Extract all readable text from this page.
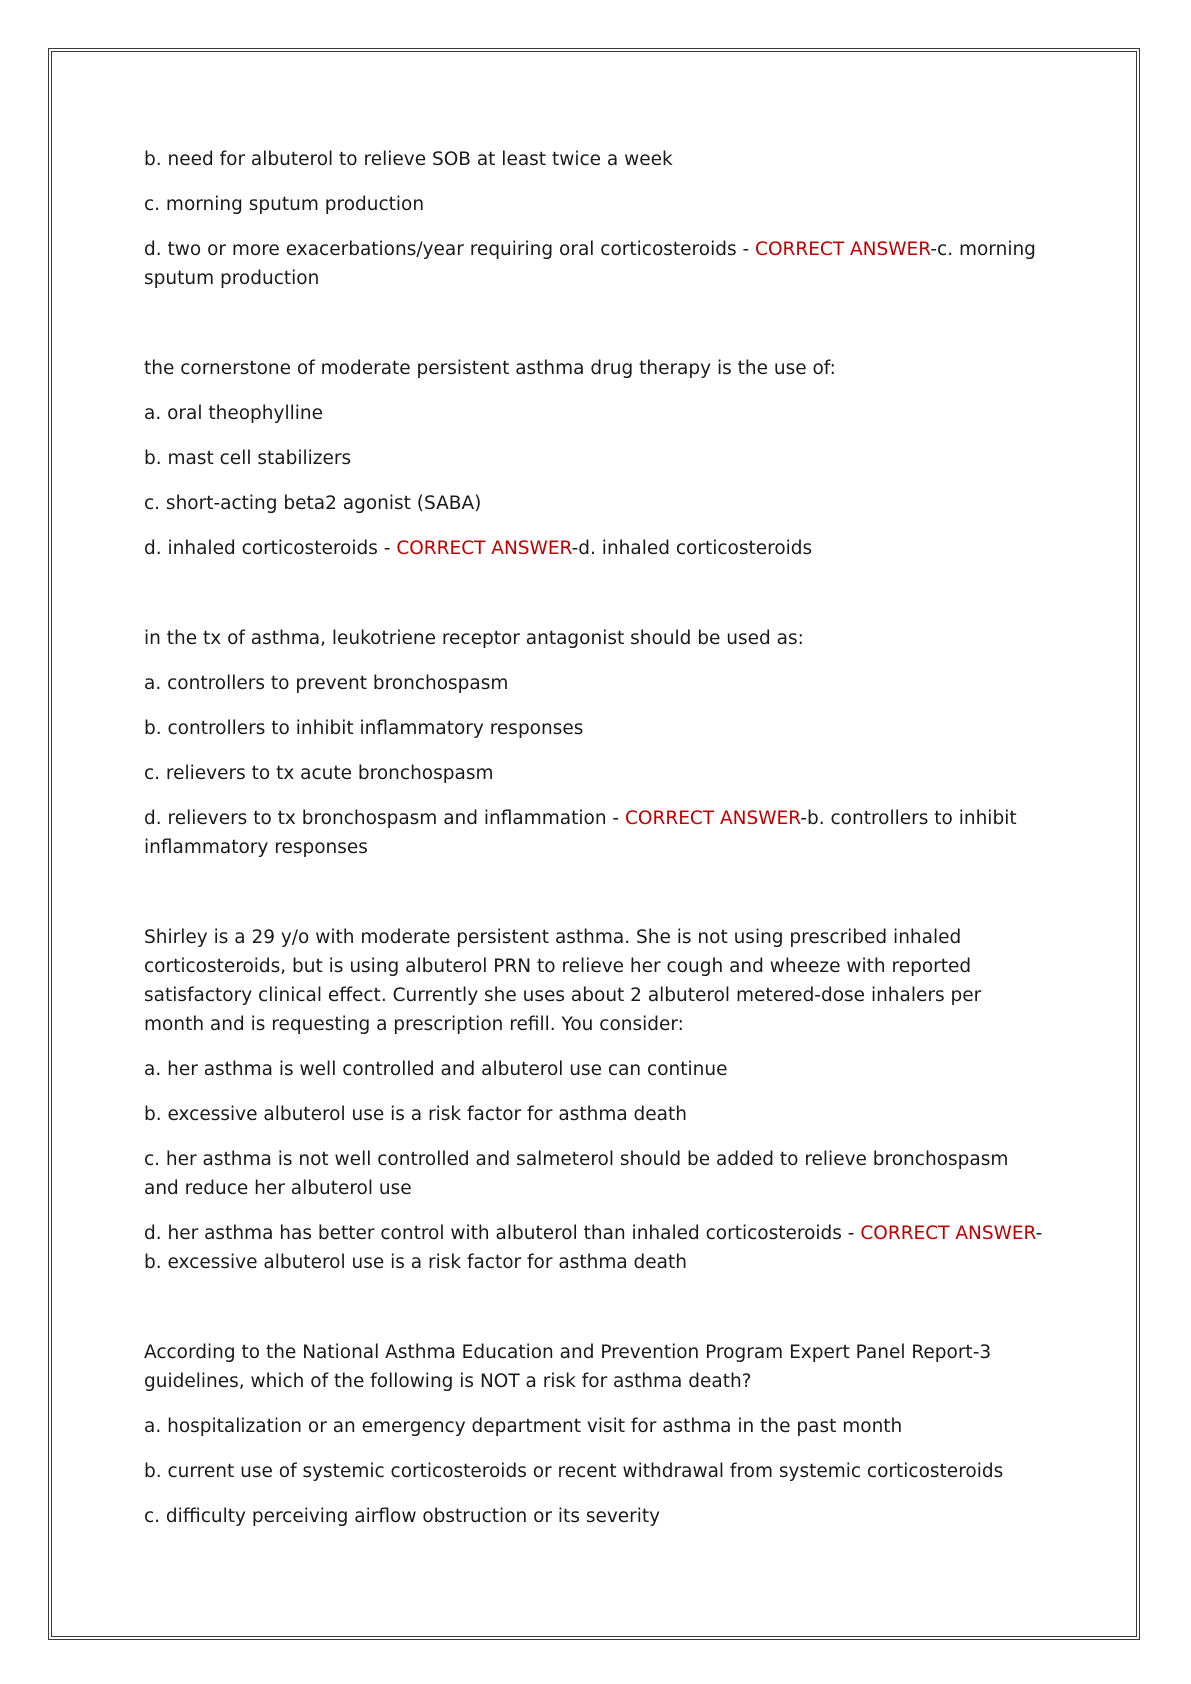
b. need for albuterol to relieve SOB at least twice a week

c. morning sputum production

d. two or more exacerbations/year requiring oral corticosteroids - CORRECT ANSWER-c. morning sputum production

the cornerstone of moderate persistent asthma drug therapy is the use of:

a. oral theophylline

b. mast cell stabilizers

c. short-acting beta2 agonist (SABA)

d. inhaled corticosteroids - CORRECT ANSWER-d. inhaled corticosteroids

in the tx of asthma, leukotriene receptor antagonist should be used as:

a. controllers to prevent bronchospasm

b. controllers to inhibit inflammatory responses

c. relievers to tx acute bronchospasm

d. relievers to tx bronchospasm and inflammation - CORRECT ANSWER-b. controllers to inhibit inflammatory responses

Shirley is a 29 y/o with moderate persistent asthma. She is not using prescribed inhaled corticosteroids, but is using albuterol PRN to relieve her cough and wheeze with reported satisfactory clinical effect. Currently she uses about 2 albuterol metered-dose inhalers per month and is requesting a prescription refill. You consider:

a. her asthma is well controlled and albuterol use can continue

b. excessive albuterol use is a risk factor for asthma death

c. her asthma is not well controlled and salmeterol should be added to relieve bronchospasm and reduce her albuterol use

d. her asthma has better control with albuterol than inhaled corticosteroids - CORRECT ANSWER-b. excessive albuterol use is a risk factor for asthma death

According to the National Asthma Education and Prevention Program Expert Panel Report-3 guidelines, which of the following is NOT a risk for asthma death?

a. hospitalization or an emergency department visit for asthma in the past month

b. current use of systemic corticosteroids or recent withdrawal from systemic corticosteroids

c. difficulty perceiving airflow obstruction or its severity
